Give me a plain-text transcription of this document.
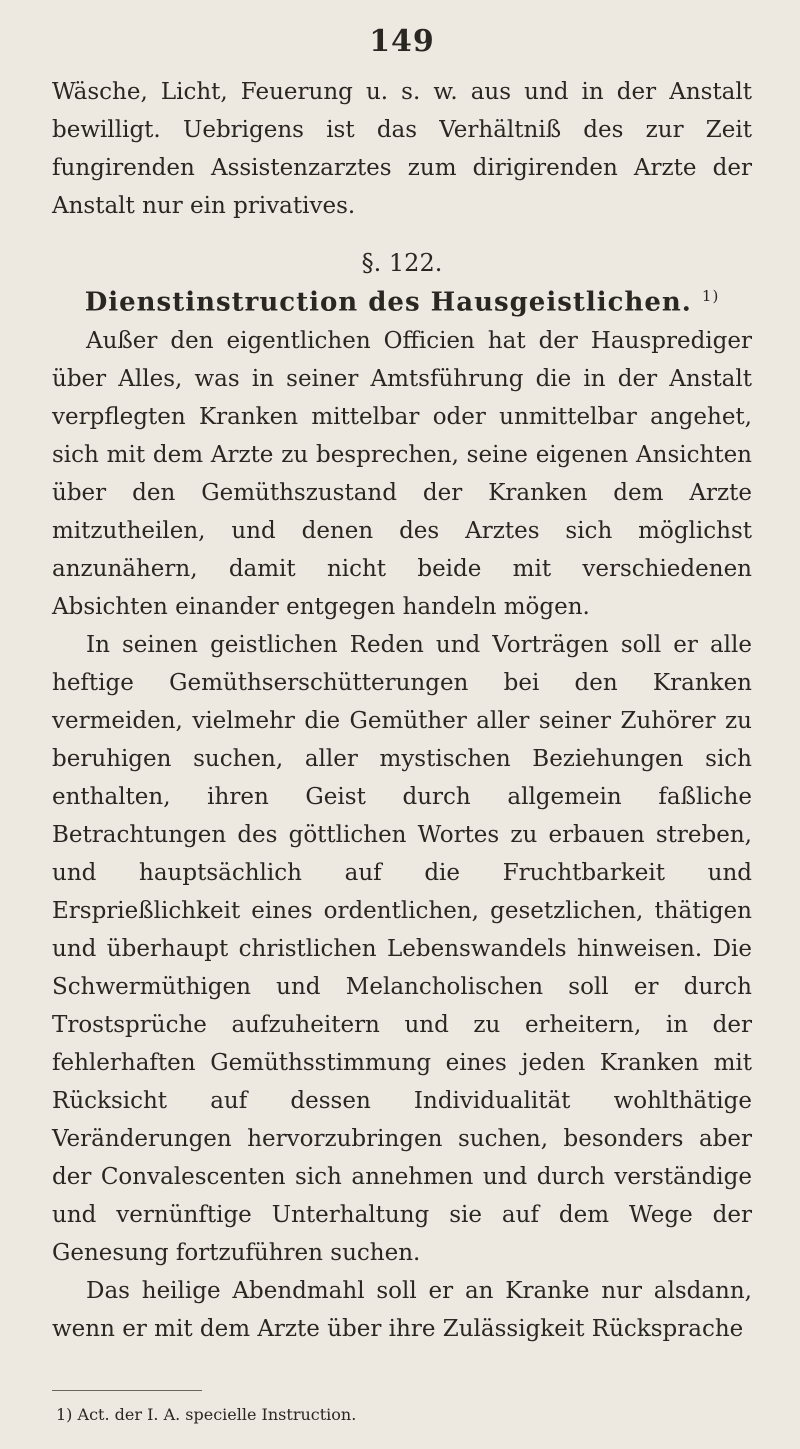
149

Wäsche, Licht, Feuerung u. s. w. aus und in der Anstalt bewilligt. Uebrigens ist das Verhältniß des zur Zeit fungirenden Assistenzarztes zum dirigirenden Arzte der Anstalt nur ein privatives.

§. 122.
Dienstinstruction des Hausgeistlichen. $^{1)}$

Außer den eigentlichen Officien hat der Hausprediger über Alles, was in seiner Amtsführung die in der Anstalt verpflegten Kranken mittelbar oder unmittelbar angehet, sich mit dem Arzte zu besprechen, seine eigenen Ansichten über den Gemüthszustand der Kranken dem Arzte mitzutheilen, und denen des Arztes sich möglichst anzunähern, damit nicht beide mit verschiedenen Absichten einander entgegen handeln mögen.

In seinen geistlichen Reden und Vorträgen soll er alle heftige Gemüthserschütterungen bei den Kranken vermeiden, vielmehr die Gemüther aller seiner Zuhörer zu beruhigen suchen, aller mystischen Beziehungen sich enthalten, ihren Geist durch allgemein faßliche Betrachtungen des göttlichen Wortes zu erbauen streben, und hauptsächlich auf die Fruchtbarkeit und Ersprießlichkeit eines ordentlichen, gesetzlichen, thätigen und überhaupt christlichen Lebenswandels hinweisen. Die Schwermüthigen und Melancholischen soll er durch Trostsprüche aufzuheitern und zu erheitern, in der fehlerhaften Gemüthsstimmung eines jeden Kranken mit Rücksicht auf dessen Individualität wohlthätige Veränderungen hervorzubringen suchen, besonders aber der Convalescenten sich annehmen und durch verständige und vernünftige Unterhaltung sie auf dem Wege der Genesung fortzuführen suchen.

Das heilige Abendmahl soll er an Kranke nur alsdann, wenn er mit dem Arzte über ihre Zulässigkeit Rücksprache

1) Act. der I. A. specielle Instruction.
